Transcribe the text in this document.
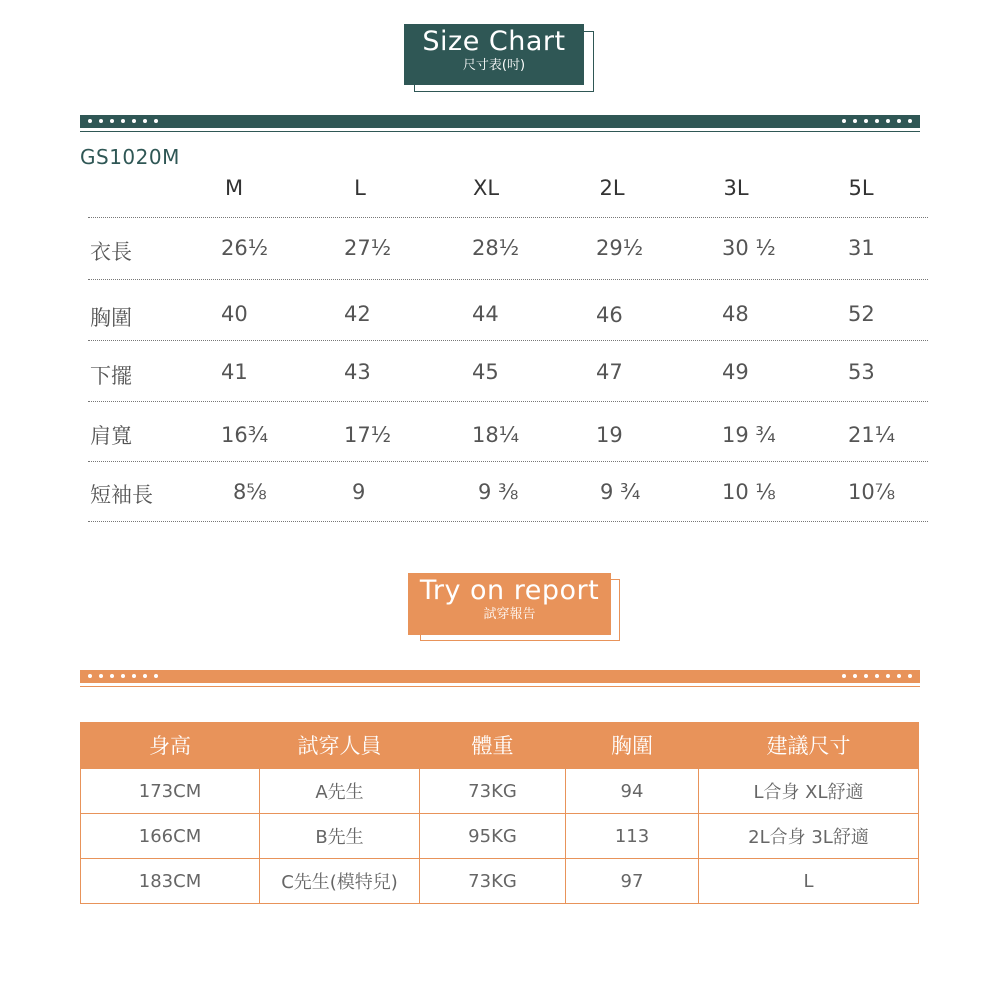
Size Chart
尺寸表(吋)
GS1020M
M	L	XL	2L	3L	5L
衣長	26½	27½	28½	29½	30 ½	31
胸圍	40	42	44	46	48	52
下擺	41	43	45	47	49	53
肩寬	16¾	17½	18¼	19	19 ¾	21¼
短袖長	8⅝	9	9 ⅜	9 ¾	10 ⅛	10⅞
Try on report
試穿報告
身高	試穿人員	體重	胸圍	建議尺寸
173CM	A先生	73KG	94	L合身 XL舒適
166CM	B先生	95KG	113	2L合身 3L舒適
183CM	C先生(模特兒)	73KG	97	L
